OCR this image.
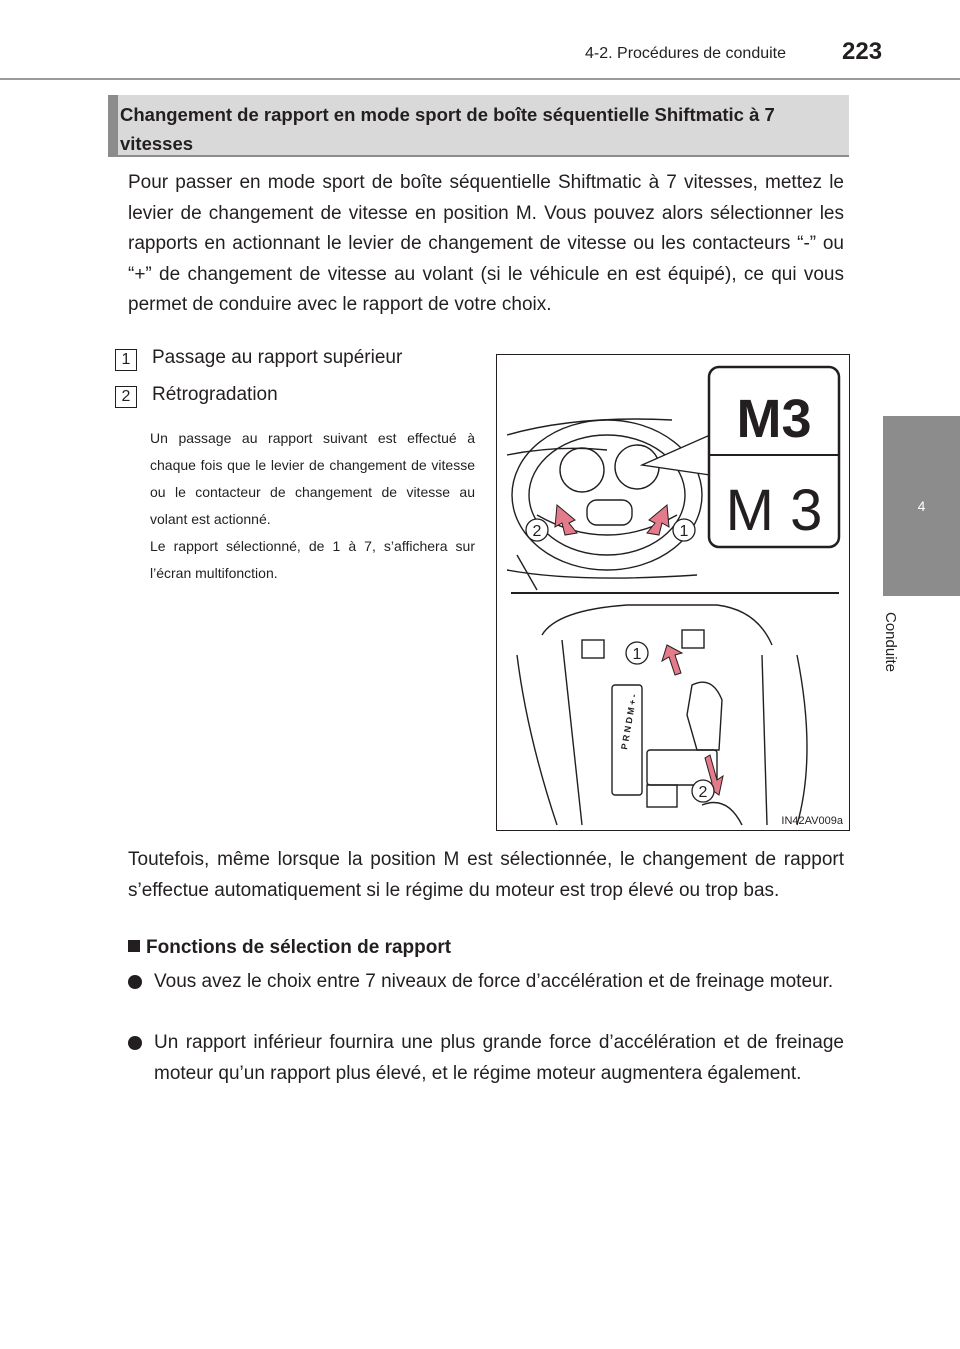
4-2. Procédures de conduite 223
4
Conduite
Changement de rapport en mode sport de boîte séquentielle Shiftmatic à 7 vitesses
Pour passer en mode sport de boîte séquentielle Shiftmatic à 7 vitesses, mettez le levier de changement de vitesse en position M. Vous pouvez alors sélectionner les rapports en actionnant le levier de changement de vitesse ou les contacteurs “-” ou “+” de changement de vitesse au volant (si le véhicule en est équipé), ce qui vous permet de conduire avec le rapport de votre choix.
1	Passage au rapport supérieur
2	Rétrogradation
Un passage au rapport suivant est effectué à chaque fois que le levier de changement de vitesse ou le contacteur de changement de vitesse au volant est actionné.
Le rapport sélectionné, de 1 à 7, s’affichera sur l’écran multifonction.
2	1
M3
M 3
P R N D M + -
1
2
IN42AV009a
Toutefois, même lorsque la position M est sélectionnée, le changement de rapport s’effectue automatiquement si le régime du moteur est trop élevé ou trop bas.
Fonctions de sélection de rapport
Vous avez le choix entre 7 niveaux de force d’accélération et de freinage moteur.
Un rapport inférieur fournira une plus grande force d’accélération et de freinage moteur qu’un rapport plus élevé, et le régime moteur augmentera également.
